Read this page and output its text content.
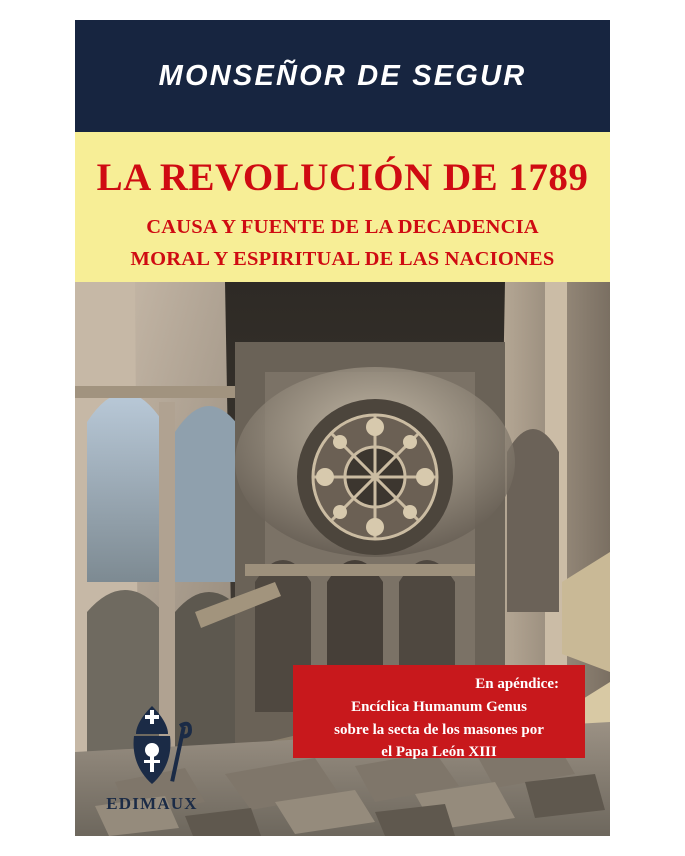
MONSEÑOR DE SEGUR
LA REVOLUCIÓN DE 1789
CAUSA Y FUENTE DE LA DECADENCIA
MORAL Y ESPIRITUAL DE LAS NACIONES
En apéndice:
Encíclica Humanum Genus
sobre la secta de los masones por
el Papa León XIII
EDIMAUX
